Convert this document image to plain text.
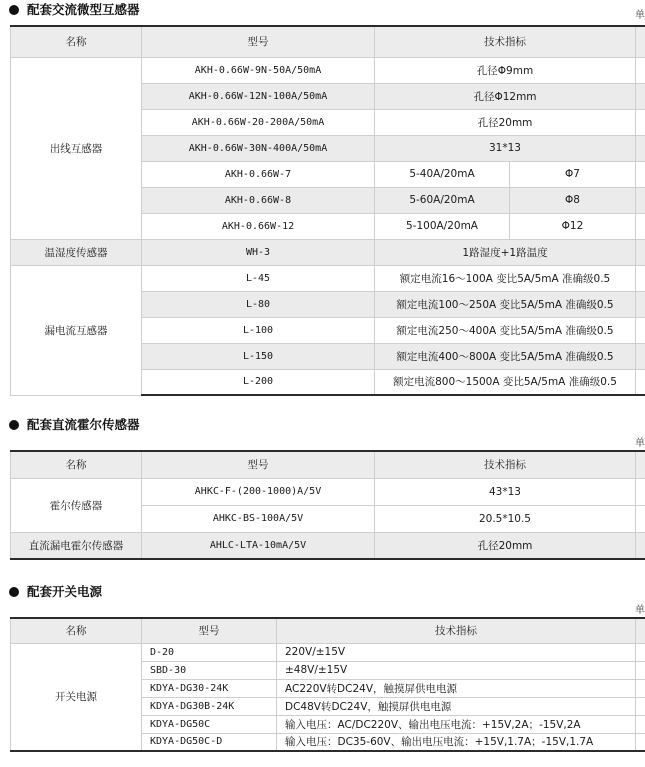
配套交流微型互感器	单
名称	型号	技术指标		
出线互感器	AKH-0.66W-9N-50A/50mA	孔径Φ9mm		
	AKH-0.66W-12N-100A/50mA	孔径Φ12mm		
	AKH-0.66W-20-200A/50mA	孔径20mm		
	AKH-0.66W-30N-400A/50mA	31*13		
	AKH-0.66W-7	5-40A/20mA	Φ7	
	AKH-0.66W-8	5-60A/20mA	Φ8	
	AKH-0.66W-12	5-100A/20mA	Φ12	
温湿度传感器	WH-3	1路湿度+1路温度		
漏电流互感器	L-45	额定电流16～100A 变比5A/5mA 准确级0.5		
	L-80	额定电流100～250A 变比5A/5mA 准确级0.5		
	L-100	额定电流250～400A 变比5A/5mA 准确级0.5		
	L-150	额定电流400～800A 变比5A/5mA 准确级0.5		
	L-200	额定电流800～1500A 变比5A/5mA 准确级0.5		
配套直流霍尔传感器
单
名称	型号	技术指标	
霍尔传感器	AHKC-F-(200-1000)A/5V	43*13	
	AHKC-BS-100A/5V	20.5*10.5	
直流漏电霍尔传感器	AHLC-LTA-10mA/5V	孔径20mm	
配套开关电源
单
名称	型号	技术指标	
开关电源	D-20	220V/±15V	
	SBD-30	±48V/±15V	
	KDYA-DG30-24K	AC220V转DC24V，触摸屏供电电源	
	KDYA-DG30B-24K	DC48V转DC24V，触摸屏供电电源	
	KDYA-DG50C	输入电压：AC/DC220V、输出电压电流：+15V,2A；-15V,2A	
	KDYA-DG50C-D	输入电压：DC35-60V、输出电压电流：+15V,1.7A；-15V,1.7A	
